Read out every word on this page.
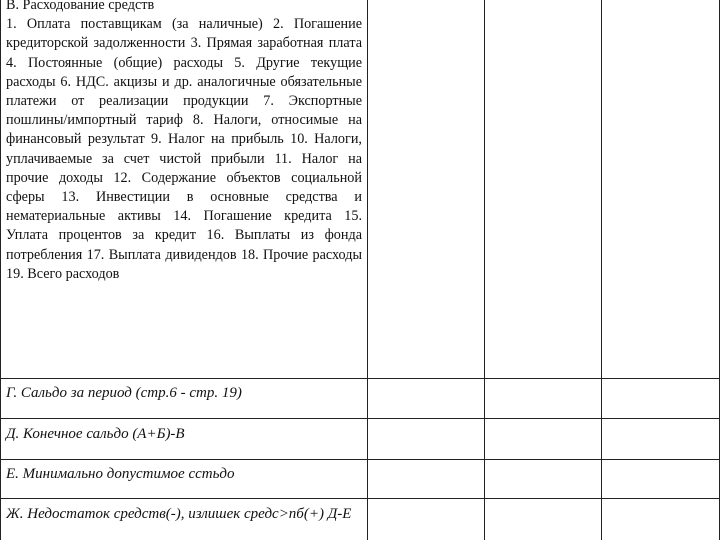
В. Расходование средств
1. Оплата поставщикам (за наличные) 2. Погашение кредиторской задолженности 3. Прямая заработная плата 4. Постоянные (общие) расходы 5. Другие текущие расходы 6. НДС. акцизы и др. аналогичные обязательные платежи от реализации продукции 7. Экспортные пошлины/импортный тариф 8. Налоги, относимые на финансовый результат 9. Налог на прибыль 10. Налоги, уплачиваемые за счет чистой прибыли 11. Налог на прочие доходы 12. Содержание объектов социальной сферы 13. Инвестиции в основные средства и нематериальные активы 14. Погашение кредита 15. Уплата процентов за кредит 16. Выплаты из фонда потребления 17. Выплата дивидендов 18. Прочие расходы 19. Всего расходов
Г. Сальдо за период (стр.6 - стр. 19)
Д. Конечное сальдо (А+Б)-В
Е. Минимально допустимое сстьдо
Ж. Недостаток средств(-), излишек средс>пб(+) Д-Е
